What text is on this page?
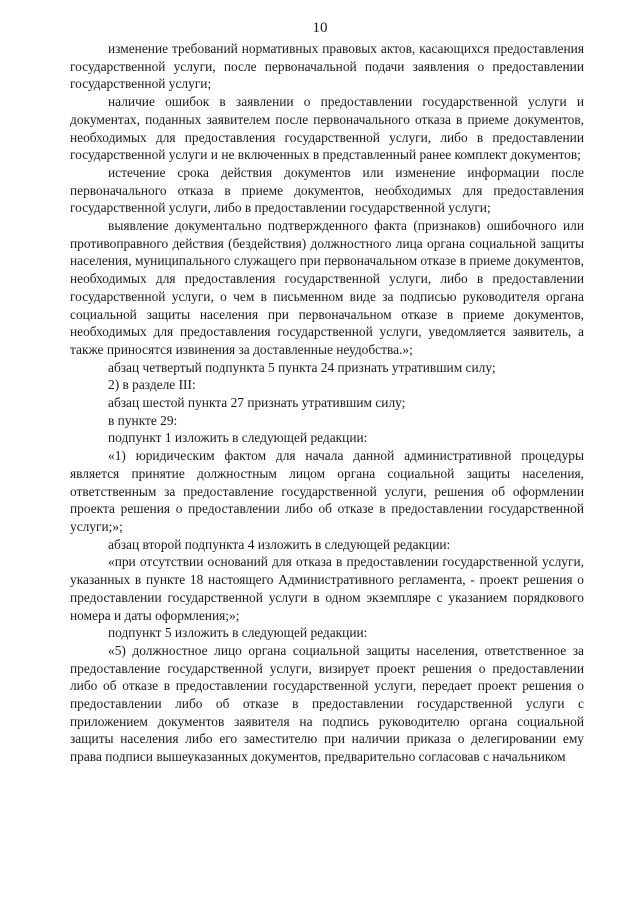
10

изменение требований нормативных правовых актов, касающихся предоставления государственной услуги, после первоначальной подачи заявления о предоставлении государственной услуги;

наличие ошибок в заявлении о предоставлении государственной услуги и документах, поданных заявителем после первоначального отказа в приеме документов, необходимых для предоставления государственной услуги, либо в предоставлении государственной услуги и не включенных в представленный ранее комплект документов;

истечение срока действия документов или изменение информации после первоначального отказа в приеме документов, необходимых для предоставления государственной услуги, либо в предоставлении государственной услуги;

выявление документально подтвержденного факта (признаков) ошибочного или противоправного действия (бездействия) должностного лица органа социальной защиты населения, муниципального служащего при первоначальном отказе в приеме документов, необходимых для предоставления государственной услуги, либо в предоставлении государственной услуги, о чем в письменном виде за подписью руководителя органа социальной защиты населения при первоначальном отказе в приеме документов, необходимых для предоставления государственной услуги, уведомляется заявитель, а также приносятся извинения за доставленные неудобства.»;

абзац четвертый подпункта 5 пункта 24 признать утратившим силу;

2) в разделе III:

абзац шестой пункта 27 признать утратившим силу;

в пункте 29:

подпункт 1 изложить в следующей редакции:

«1) юридическим фактом для начала данной административной процедуры является принятие должностным лицом органа социальной защиты населения, ответственным за предоставление государственной услуги, решения об оформлении проекта решения о предоставлении либо об отказе в предоставлении государственной услуги;»;

абзац второй подпункта 4 изложить в следующей редакции:

«при отсутствии оснований для отказа в предоставлении государственной услуги, указанных в пункте 18 настоящего Административного регламента, - проект решения о предоставлении государственной услуги в одном экземпляре с указанием порядкового номера и даты оформления;»;

подпункт 5 изложить в следующей редакции:

«5) должностное лицо органа социальной защиты населения, ответственное за предоставление государственной услуги, визирует проект решения о предоставлении либо об отказе в предоставлении государственной услуги, передает проект решения о предоставлении либо об отказе в предоставлении государственной услуги с приложением документов заявителя на подпись руководителю органа социальной защиты населения либо его заместителю при наличии приказа о делегировании ему права подписи вышеуказанных документов, предварительно согласовав с начальником
